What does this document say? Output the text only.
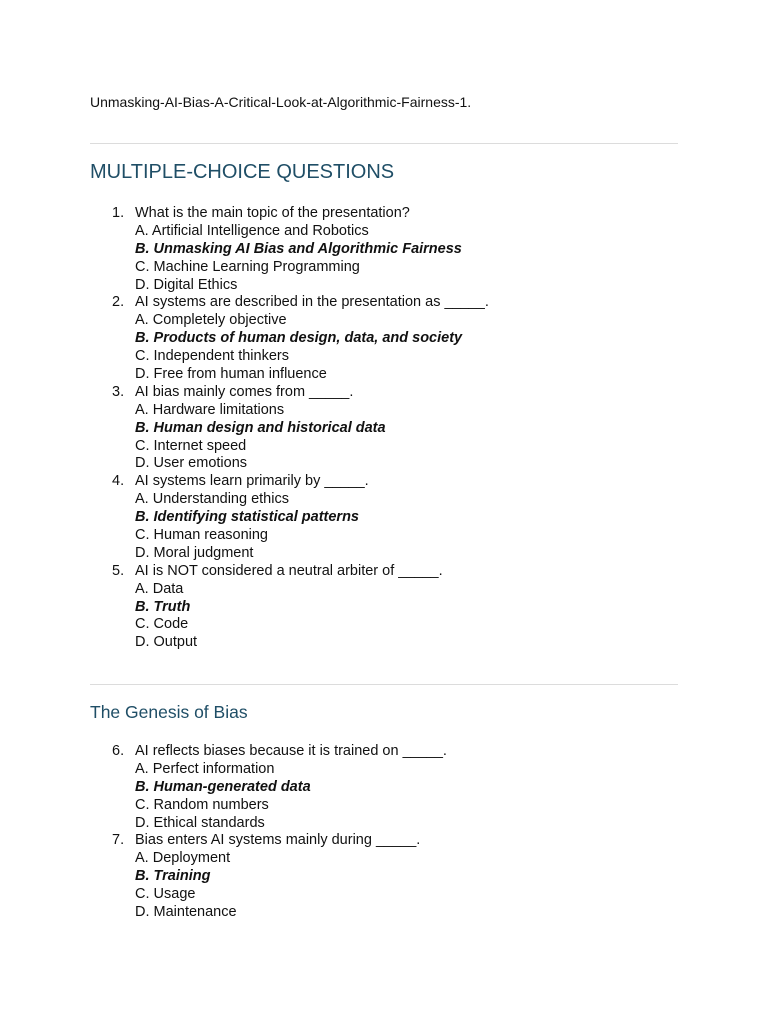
Unmasking-AI-Bias-A-Critical-Look-at-Algorithmic-Fairness-1.
MULTIPLE-CHOICE QUESTIONS
1. What is the main topic of the presentation?
A. Artificial Intelligence and Robotics
B. Unmasking AI Bias and Algorithmic Fairness
C. Machine Learning Programming
D. Digital Ethics
2. AI systems are described in the presentation as _____.
A. Completely objective
B. Products of human design, data, and society
C. Independent thinkers
D. Free from human influence
3. AI bias mainly comes from _____.
A. Hardware limitations
B. Human design and historical data
C. Internet speed
D. User emotions
4. AI systems learn primarily by _____.
A. Understanding ethics
B. Identifying statistical patterns
C. Human reasoning
D. Moral judgment
5. AI is NOT considered a neutral arbiter of _____.
A. Data
B. Truth
C. Code
D. Output
The Genesis of Bias
6. AI reflects biases because it is trained on _____.
A. Perfect information
B. Human-generated data
C. Random numbers
D. Ethical standards
7. Bias enters AI systems mainly during _____.
A. Deployment
B. Training
C. Usage
D. Maintenance
